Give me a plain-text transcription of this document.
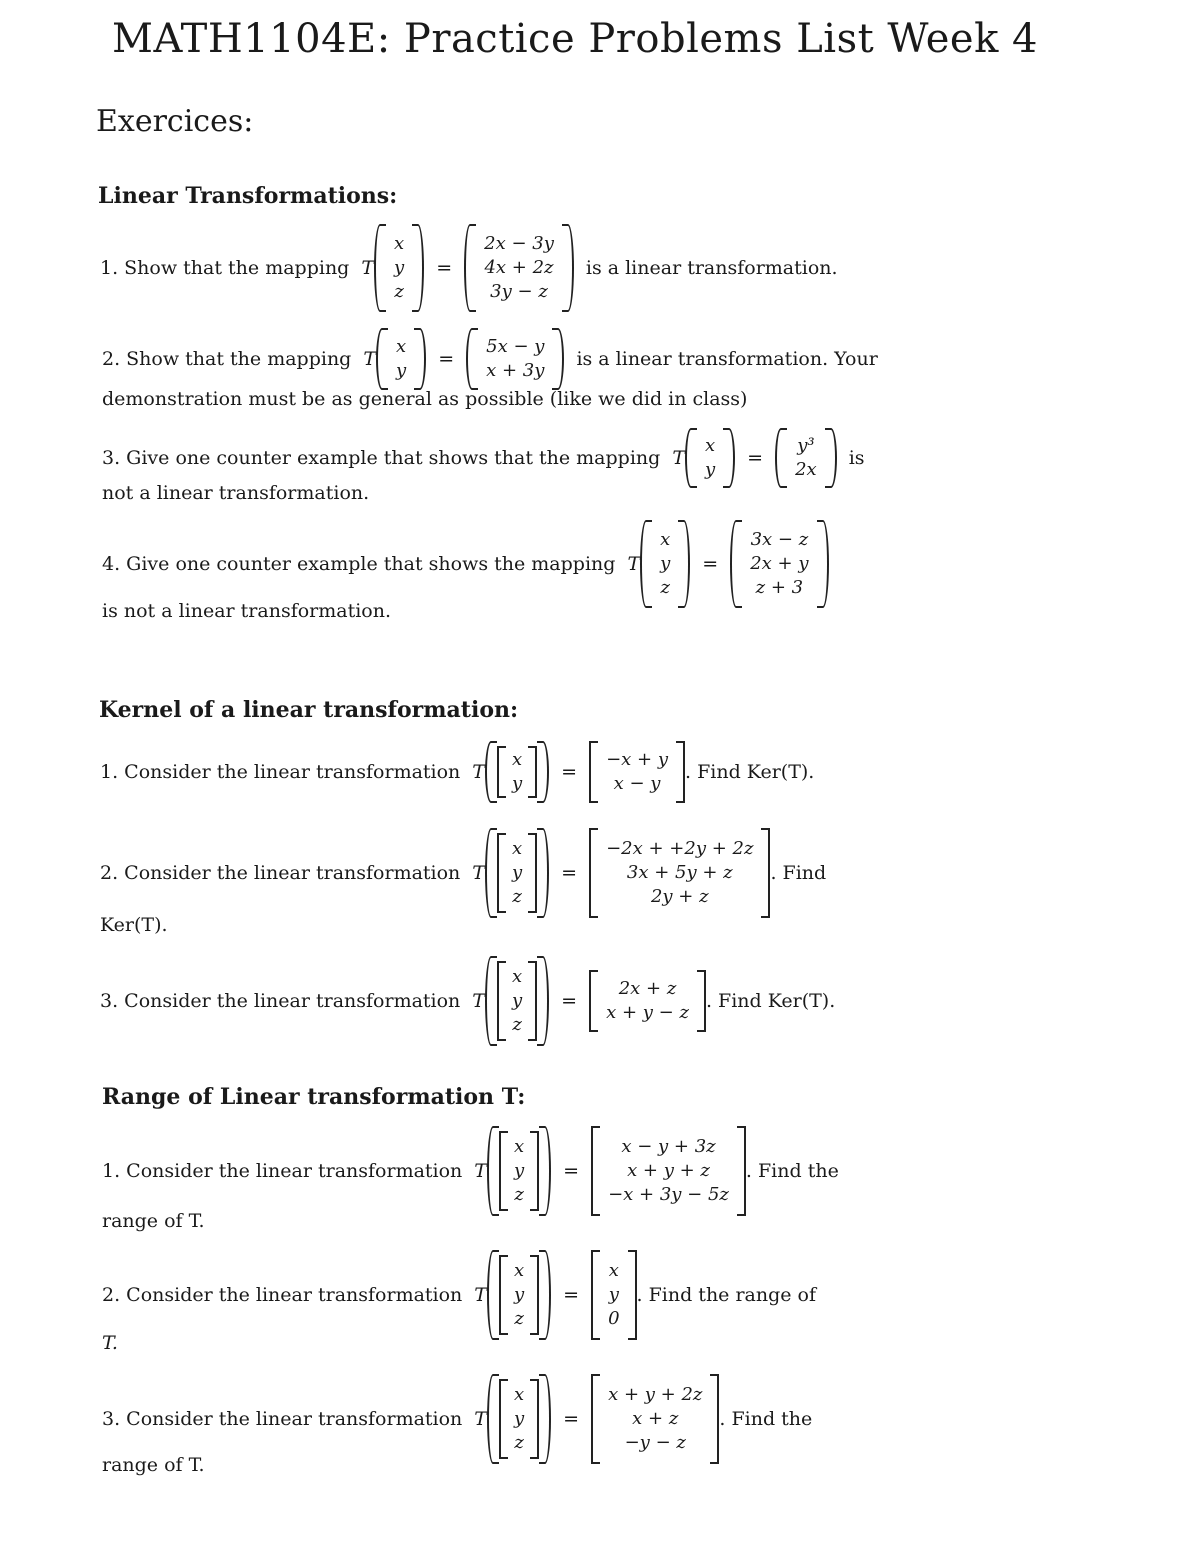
MATH1104E: Practice Problems List Week 4
Exercices:
Linear Transformations:
1. Show that the mapping T
x
y
z
=
2x − 3y
4x + 2z
3y − z
is a linear transformation.
2. Show that the mapping T
x
y
=
5x − y
x + 3y
is a linear transformation. Your
demonstration must be as general as possible (like we did in class)
3. Give one counter example that shows that the mapping T
x
y
=
y³
2x
is
not a linear transformation.
4. Give one counter example that shows the mapping T
x
y
z
=
3x − z
2x + y
z + 3
is not a linear transformation.
Kernel of a linear transformation:
1. Consider the linear transformation T
x
y
=
−x + y
x − y
. Find Ker(T).
2. Consider the linear transformation T
x
y
z
=
−2x + +2y + 2z
3x + 5y + z
2y + z
. Find
Ker(T).
3. Consider the linear transformation T
x
y
z
=
2x + z
x + y − z
. Find Ker(T).
Range of Linear transformation T:
1. Consider the linear transformation T
x
y
z
=
x − y + 3z
x + y + z
−x + 3y − 5z
. Find the
range of T.
2. Consider the linear transformation T
x
y
z
=
x
y
0
. Find the range of
T.
3. Consider the linear transformation T
x
y
z
=
x + y + 2z
x + z
−y − z
. Find the
range of T.
